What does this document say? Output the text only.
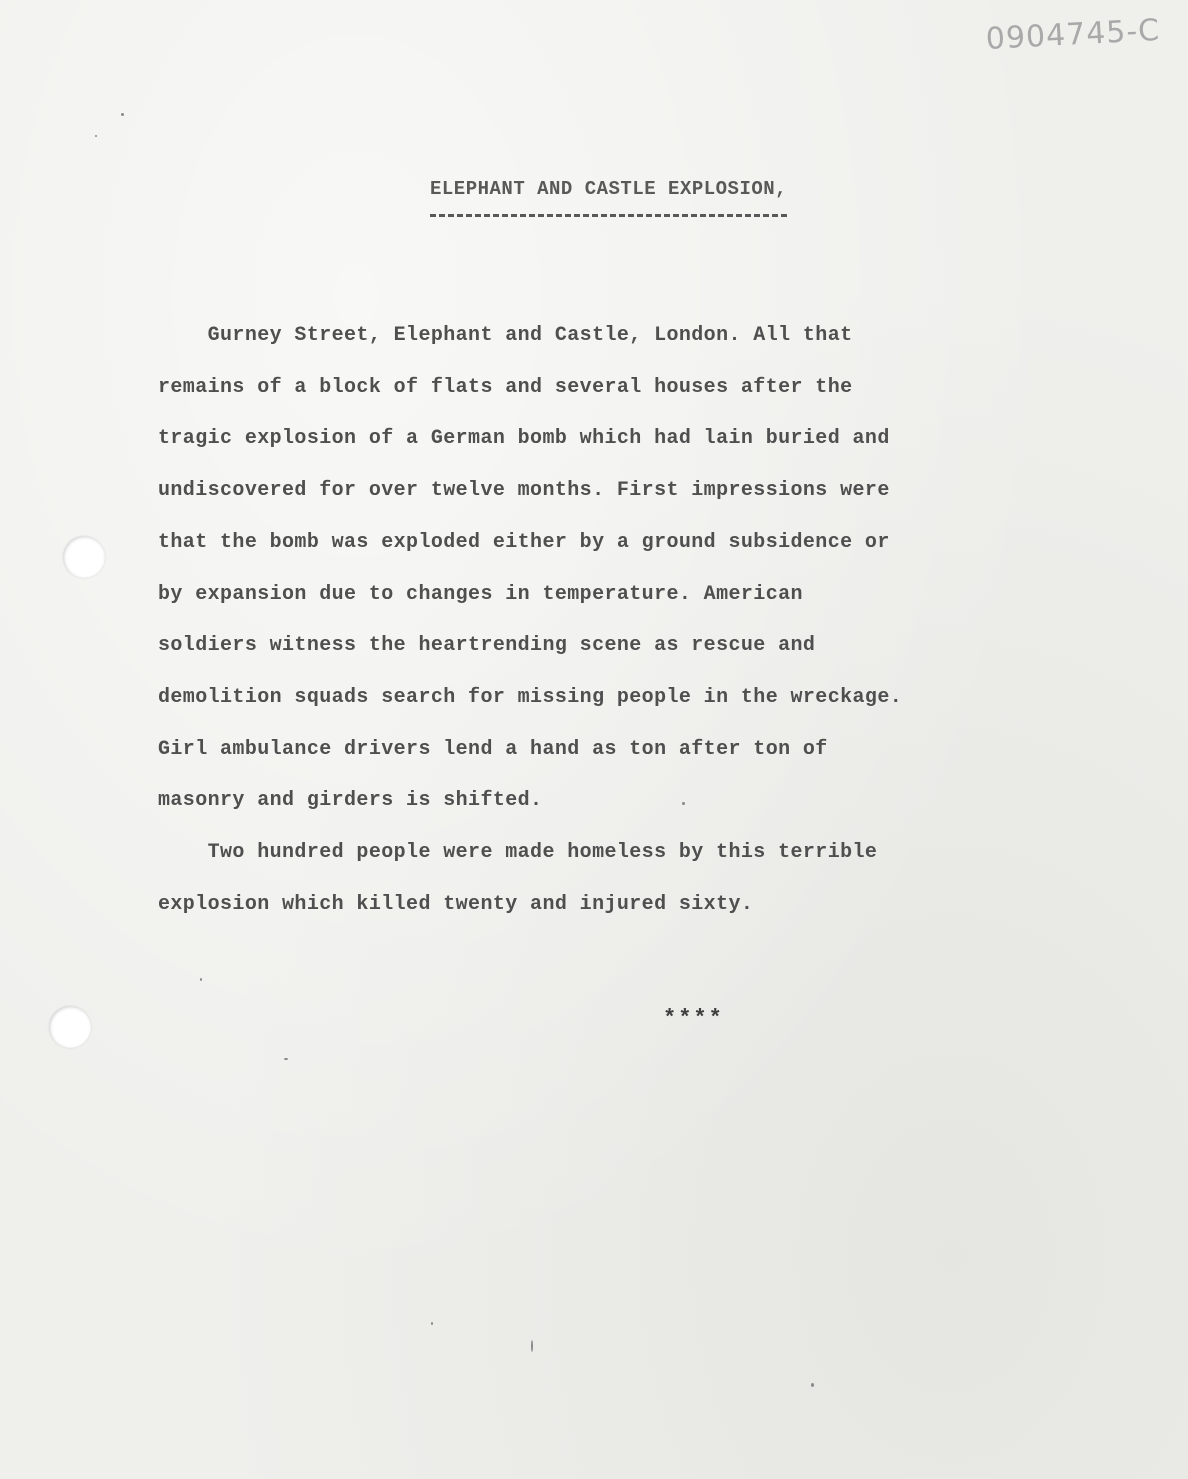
0904745-C
ELEPHANT AND CASTLE EXPLOSION,

Gurney Street, Elephant and Castle, London. All that

remains of a block of flats and several houses after the

tragic explosion of a German bomb which had lain buried and

undiscovered for over twelve months. First impressions were

that the bomb was exploded either by a ground subsidence or

by expansion due to changes in temperature. American

soldiers witness the heartrending scene as rescue and

demolition squads search for missing people in the wreckage.

Girl ambulance drivers lend a hand as ton after ton of

masonry and girders is shifted.

Two hundred people were made homeless by this terrible

explosion which killed twenty and injured sixty.

****
